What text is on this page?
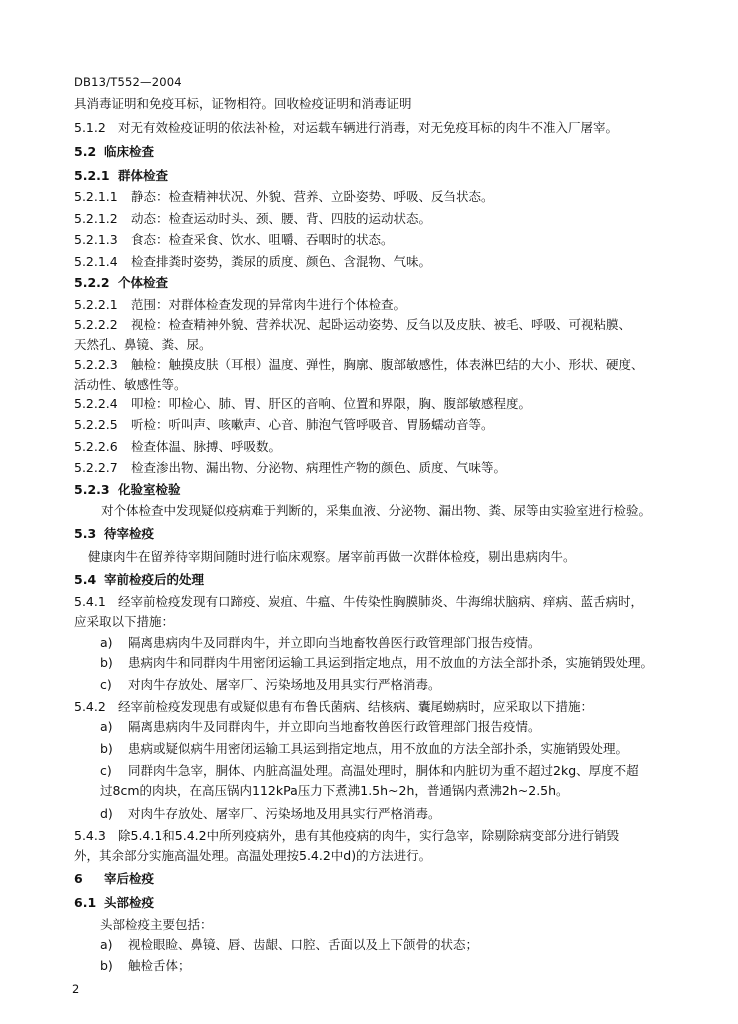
DB13/T552—2004
具消毒证明和免疫耳标，证物相符。回收检疫证明和消毒证明
5.1.2 对无有效检疫证明的依法补检，对运载车辆进行消毒，对无免疫耳标的肉牛不准入厂屠宰。
5.2 临床检查
5.2.1 群体检查
5.2.1.1 静态：检查精神状况、外貌、营养、立卧姿势、呼吸、反刍状态。
5.2.1.2 动态：检查运动时头、颈、腰、背、四肢的运动状态。
5.2.1.3 食态：检查采食、饮水、咀嚼、吞咽时的状态。
5.2.1.4 检查排粪时姿势，粪尿的质度、颜色、含混物、气味。
5.2.2 个体检查
5.2.2.1 范围：对群体检查发现的异常肉牛进行个体检查。
5.2.2.2 视检：检查精神外貌、营养状况、起卧运动姿势、反刍以及皮肤、被毛、呼吸、可视粘膜、
天然孔、鼻镜、粪、尿。
5.2.2.3 触检：触摸皮肤（耳根）温度、弹性，胸廓、腹部敏感性，体表淋巴结的大小、形状、硬度、
活动性、敏感性等。
5.2.2.4 叩检：叩检心、肺、胃、肝区的音响、位置和界限，胸、腹部敏感程度。
5.2.2.5 听检：听叫声、咳嗽声、心音、肺泡气管呼吸音、胃肠蠕动音等。
5.2.2.6 检查体温、脉搏、呼吸数。
5.2.2.7 检查渗出物、漏出物、分泌物、病理性产物的颜色、质度、气味等。
5.2.3 化验室检验
对个体检查中发现疑似疫病难于判断的，采集血液、分泌物、漏出物、粪、尿等由实验室进行检验。
5.3 待宰检疫
健康肉牛在留养待宰期间随时进行临床观察。屠宰前再做一次群体检疫，剔出患病肉牛。
5.4 宰前检疫后的处理
5.4.1 经宰前检疫发现有口蹄疫、炭疽、牛瘟、牛传染性胸膜肺炎、牛海绵状脑病、痒病、蓝舌病时，
应采取以下措施：
a) 隔离患病肉牛及同群肉牛，并立即向当地畜牧兽医行政管理部门报告疫情。
b) 患病肉牛和同群肉牛用密闭运输工具运到指定地点，用不放血的方法全部扑杀，实施销毁处理。
c) 对肉牛存放处、屠宰厂、污染场地及用具实行严格消毒。
5.4.2 经宰前检疫发现患有或疑似患有布鲁氏菌病、结核病、囊尾蚴病时，应采取以下措施：
a) 隔离患病肉牛及同群肉牛，并立即向当地畜牧兽医行政管理部门报告疫情。
b) 患病或疑似病牛用密闭运输工具运到指定地点，用不放血的方法全部扑杀，实施销毁处理。
c) 同群肉牛急宰，胴体、内脏高温处理。高温处理时，胴体和内脏切为重不超过2kg、厚度不超
过8cm的肉块，在高压锅内112kPa压力下煮沸1.5h~2h，普通锅内煮沸2h~2.5h。
d) 对肉牛存放处、屠宰厂、污染场地及用具实行严格消毒。
5.4.3 除5.4.1和5.4.2中所列疫病外，患有其他疫病的肉牛，实行急宰，除剔除病变部分进行销毁
外，其余部分实施高温处理。高温处理按5.4.2中d)的方法进行。
6 宰后检疫
6.1 头部检疫
头部检疫主要包括：
a) 视检眼睑、鼻镜、唇、齿龈、口腔、舌面以及上下颌骨的状态；
b) 触检舌体；
2
